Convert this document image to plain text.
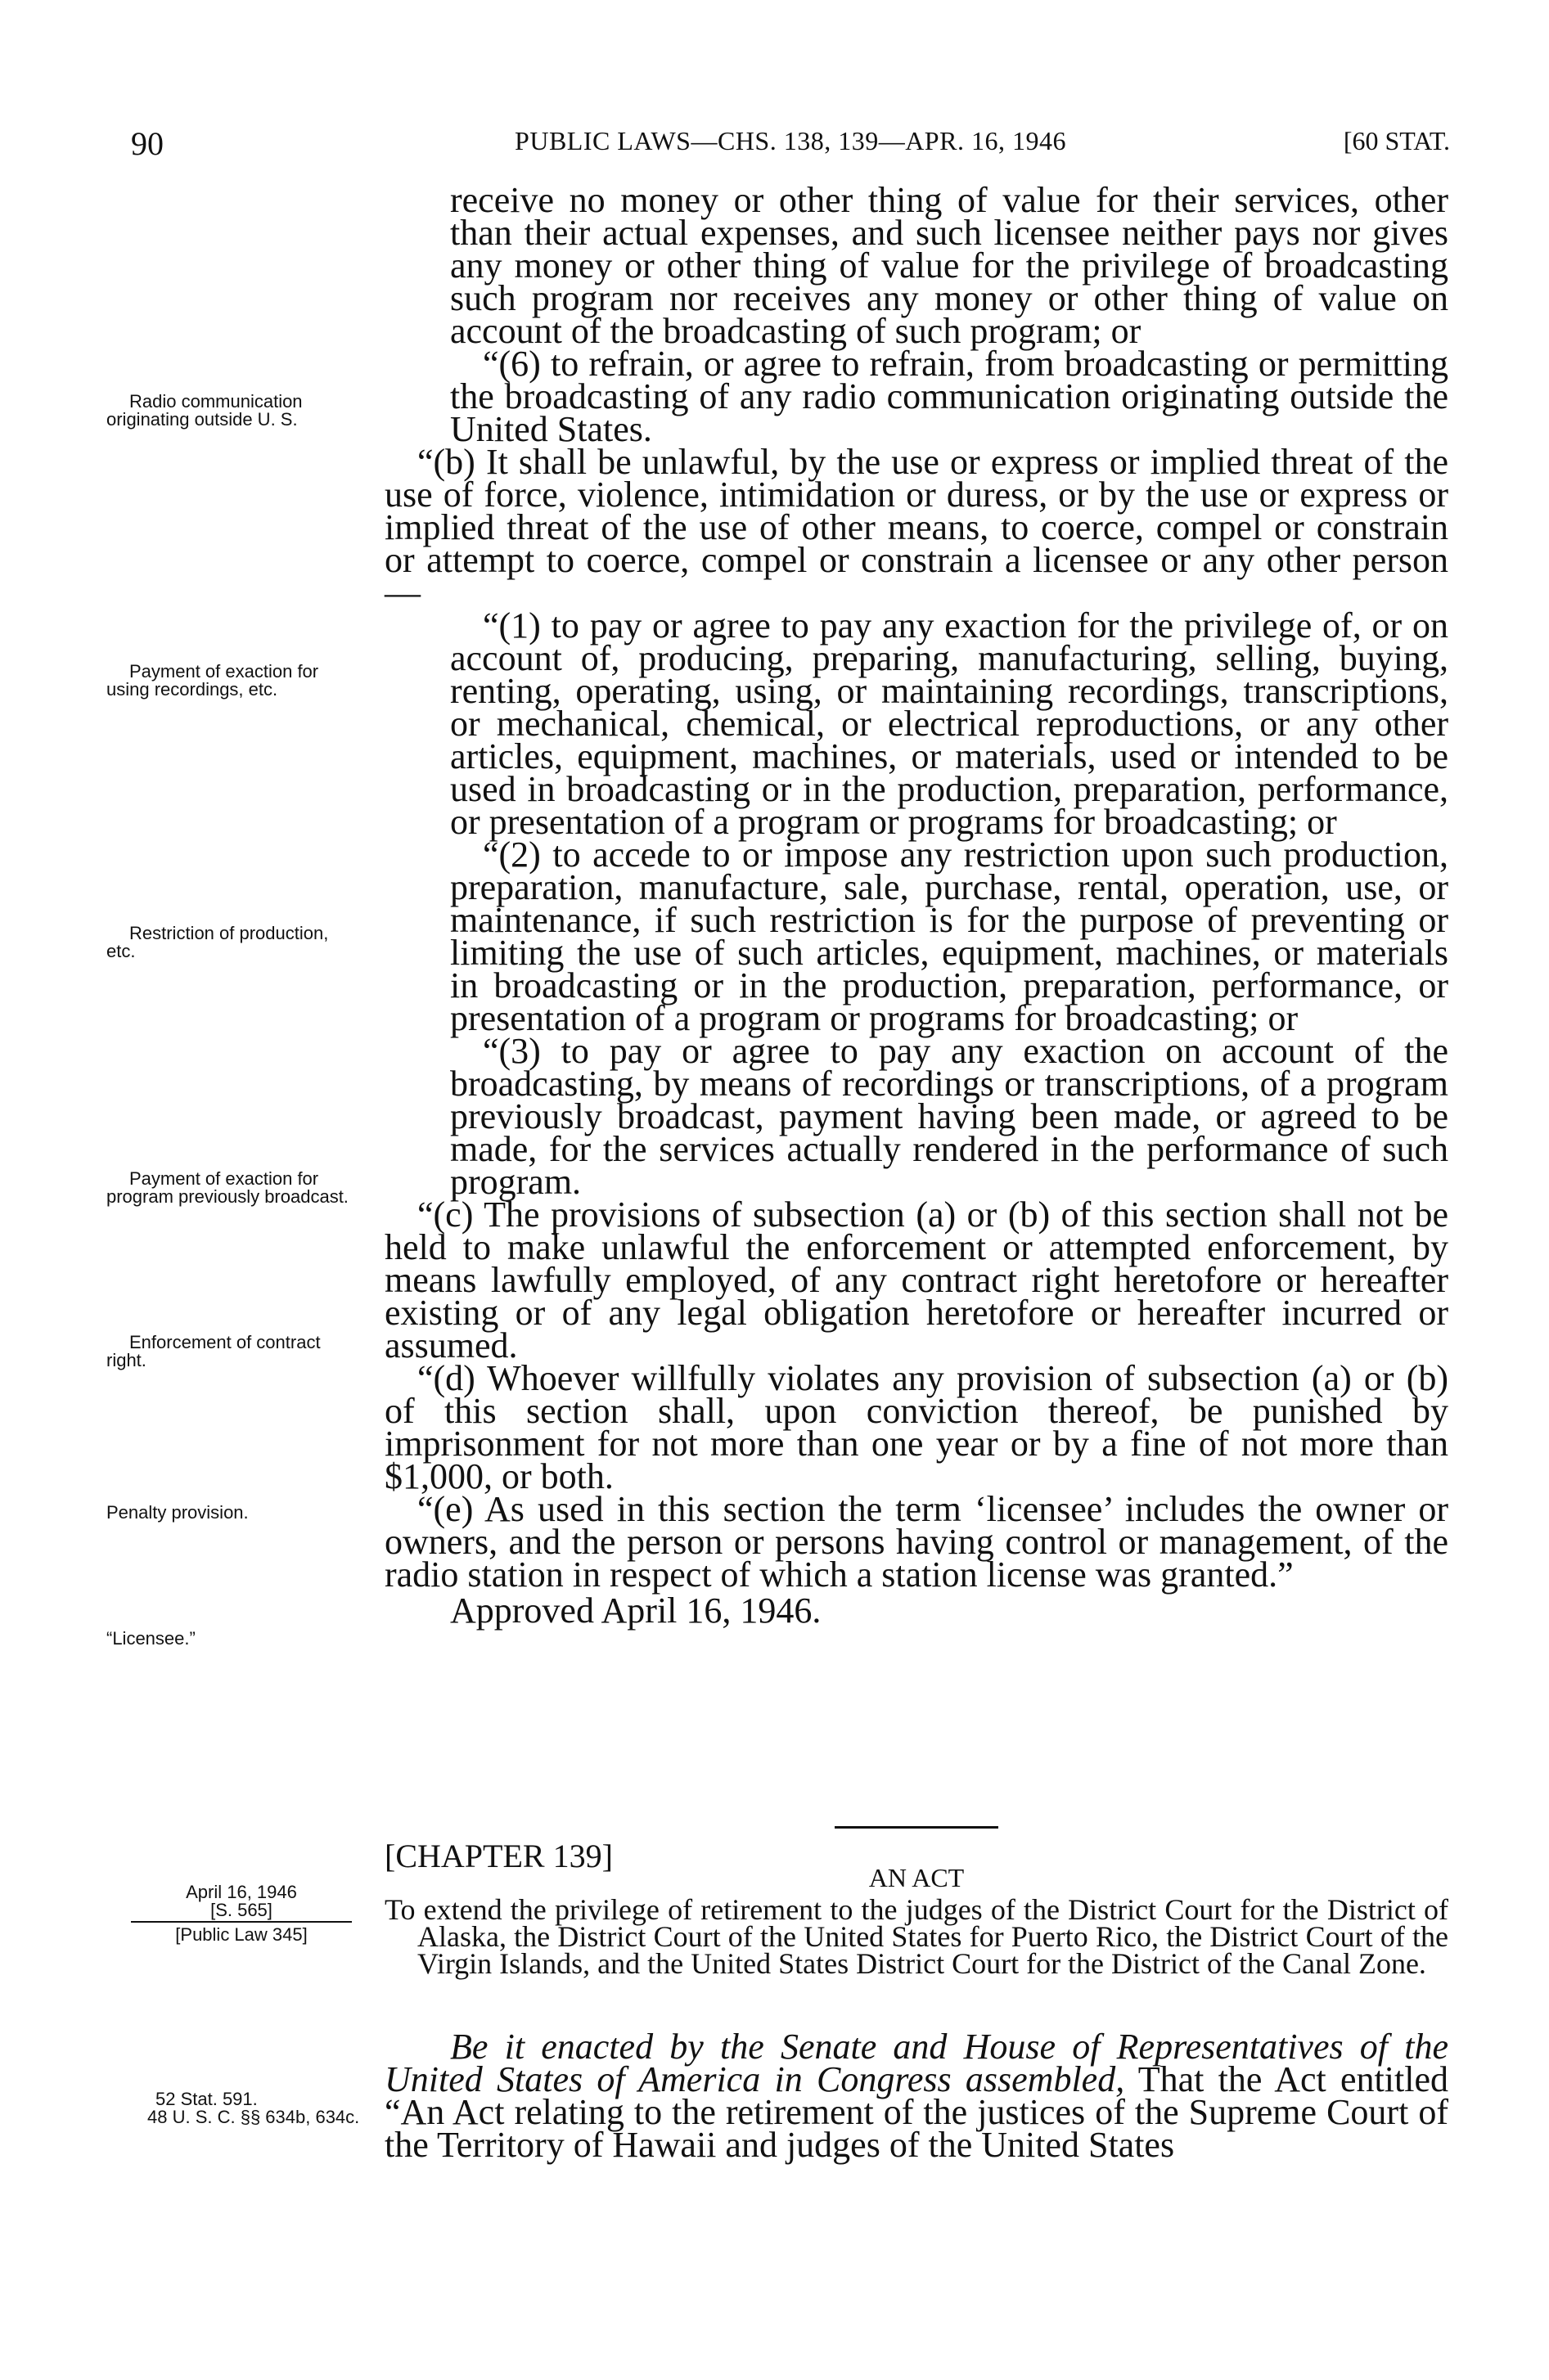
90	PUBLIC LAWS—CHS. 138, 139—APR. 16, 1946	[60 STAT.

receive no money or other thing of value for their services, other than their actual expenses, and such licensee neither pays nor gives any money or other thing of value for the privilege of broadcasting such program nor receives any money or other thing of value on account of the broadcasting of such program; or

“(6) to refrain, or agree to refrain, from broadcasting or permitting the broadcasting of any radio communication originating outside the United States.

“(b) It shall be unlawful, by the use or express or implied threat of the use of force, violence, intimidation or duress, or by the use or express or implied threat of the use of other means, to coerce, compel or constrain or attempt to coerce, compel or constrain a licensee or any other person—

“(1) to pay or agree to pay any exaction for the privilege of, or on account of, producing, preparing, manufacturing, selling, buying, renting, operating, using, or maintaining recordings, transcriptions, or mechanical, chemical, or electrical reproductions, or any other articles, equipment, machines, or materials, used or intended to be used in broadcasting or in the production, preparation, performance, or presentation of a program or programs for broadcasting; or

“(2) to accede to or impose any restriction upon such production, preparation, manufacture, sale, purchase, rental, operation, use, or maintenance, if such restriction is for the purpose of preventing or limiting the use of such articles, equipment, machines, or materials in broadcasting or in the production, preparation, performance, or presentation of a program or programs for broadcasting; or

“(3) to pay or agree to pay any exaction on account of the broadcasting, by means of recordings or transcriptions, of a program previously broadcast, payment having been made, or agreed to be made, for the services actually rendered in the performance of such program.

“(c) The provisions of subsection (a) or (b) of this section shall not be held to make unlawful the enforcement or attempted enforcement, by means lawfully employed, of any contract right heretofore or hereafter existing or of any legal obligation heretofore or hereafter incurred or assumed.

“(d) Whoever willfully violates any provision of subsection (a) or (b) of this section shall, upon conviction thereof, be punished by imprisonment for not more than one year or by a fine of not more than $1,000, or both.

“(e) As used in this section the term ‘licensee’ includes the owner or owners, and the person or persons having control or management, of the radio station in respect of which a station license was granted.”

Approved April 16, 1946.

Radio communication originating outside U. S.
Payment of exaction for using recordings, etc.
Restriction of production, etc.
Payment of exaction for program previously broadcast.
Enforcement of contract right.
Penalty provision.
“Licensee.”
April 16, 1946
[S. 565]
[Public Law 345]
52 Stat. 591.
48 U. S. C. §§ 634b, 634c.
[CHAPTER 139]
AN ACT

To extend the privilege of retirement to the judges of the District Court for the District of Alaska, the District Court of the United States for Puerto Rico, the District Court of the Virgin Islands, and the United States District Court for the District of the Canal Zone.

Be it enacted by the Senate and House of Representatives of the United States of America in Congress assembled, That the Act entitled “An Act relating to the retirement of the justices of the Supreme Court of the Territory of Hawaii and judges of the United States
